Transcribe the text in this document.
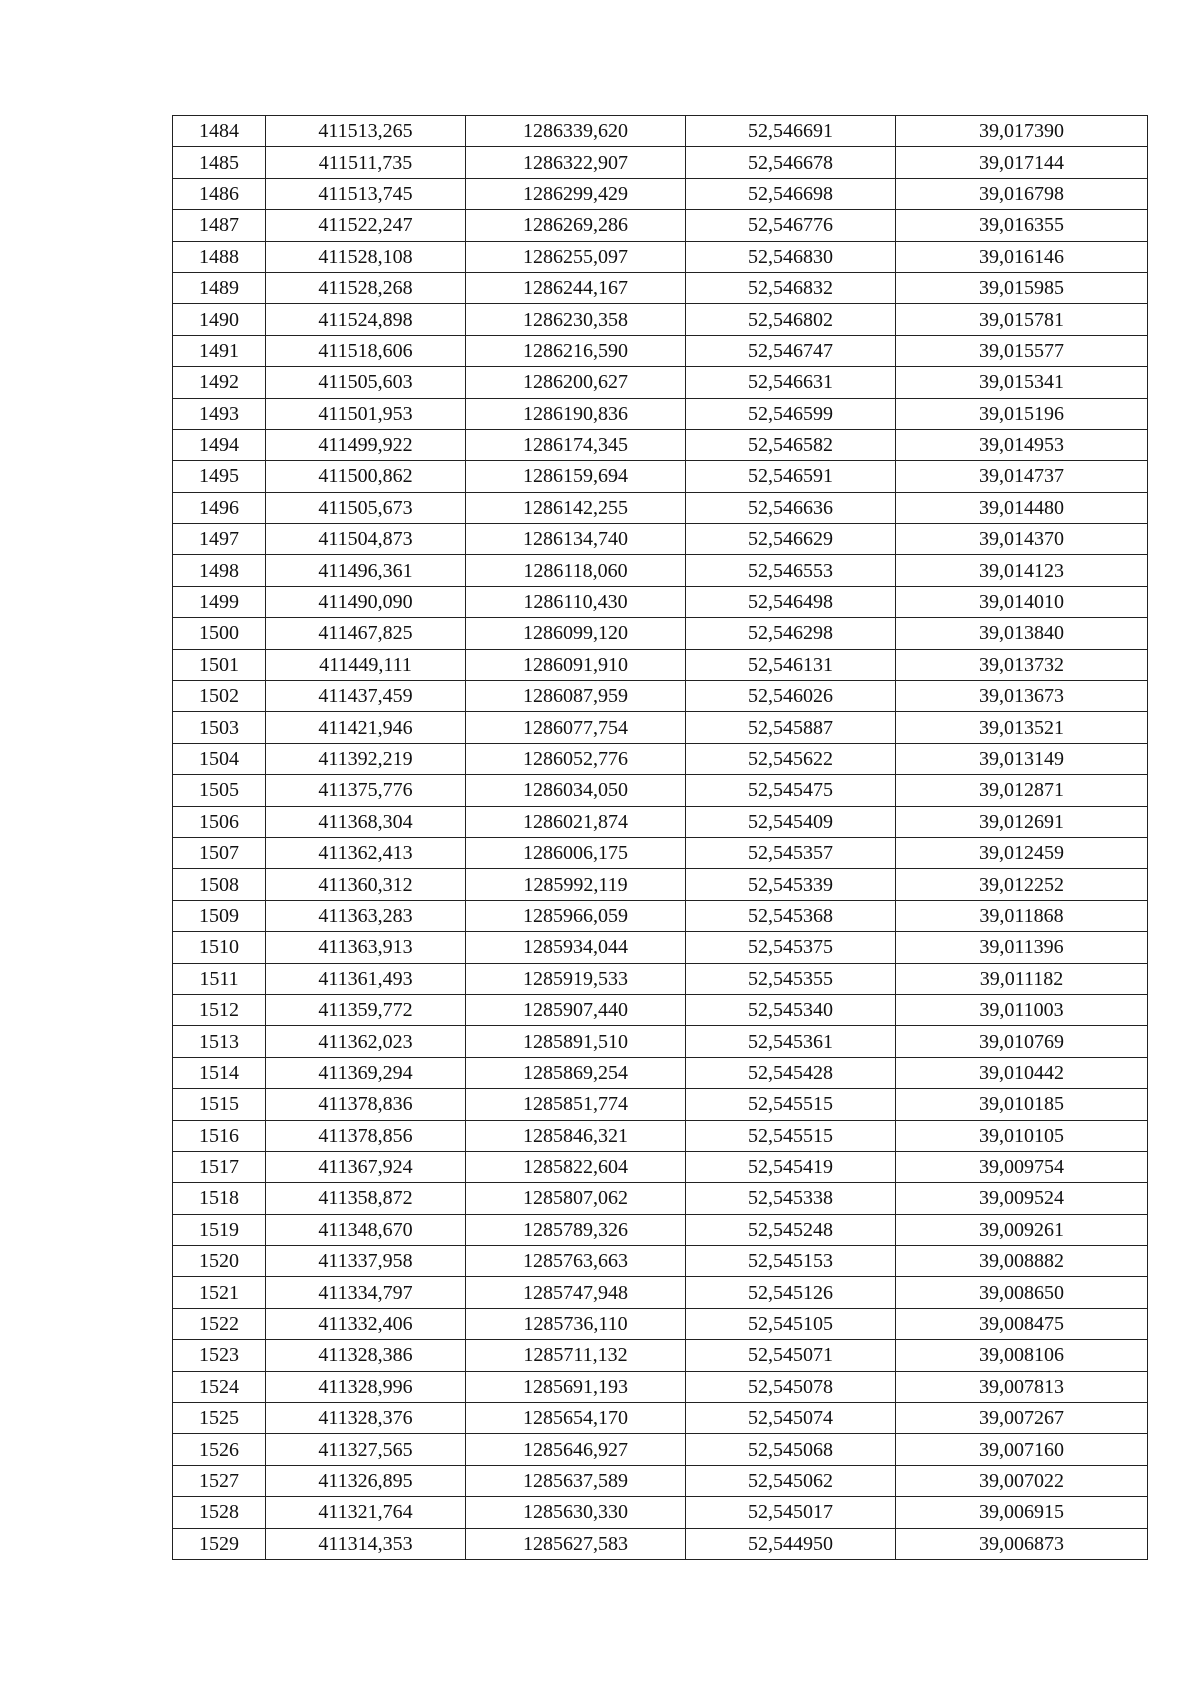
1484	411513,265	1286339,620	52,546691	39,017390
1485	411511,735	1286322,907	52,546678	39,017144
1486	411513,745	1286299,429	52,546698	39,016798
1487	411522,247	1286269,286	52,546776	39,016355
1488	411528,108	1286255,097	52,546830	39,016146
1489	411528,268	1286244,167	52,546832	39,015985
1490	411524,898	1286230,358	52,546802	39,015781
1491	411518,606	1286216,590	52,546747	39,015577
1492	411505,603	1286200,627	52,546631	39,015341
1493	411501,953	1286190,836	52,546599	39,015196
1494	411499,922	1286174,345	52,546582	39,014953
1495	411500,862	1286159,694	52,546591	39,014737
1496	411505,673	1286142,255	52,546636	39,014480
1497	411504,873	1286134,740	52,546629	39,014370
1498	411496,361	1286118,060	52,546553	39,014123
1499	411490,090	1286110,430	52,546498	39,014010
1500	411467,825	1286099,120	52,546298	39,013840
1501	411449,111	1286091,910	52,546131	39,013732
1502	411437,459	1286087,959	52,546026	39,013673
1503	411421,946	1286077,754	52,545887	39,013521
1504	411392,219	1286052,776	52,545622	39,013149
1505	411375,776	1286034,050	52,545475	39,012871
1506	411368,304	1286021,874	52,545409	39,012691
1507	411362,413	1286006,175	52,545357	39,012459
1508	411360,312	1285992,119	52,545339	39,012252
1509	411363,283	1285966,059	52,545368	39,011868
1510	411363,913	1285934,044	52,545375	39,011396
1511	411361,493	1285919,533	52,545355	39,011182
1512	411359,772	1285907,440	52,545340	39,011003
1513	411362,023	1285891,510	52,545361	39,010769
1514	411369,294	1285869,254	52,545428	39,010442
1515	411378,836	1285851,774	52,545515	39,010185
1516	411378,856	1285846,321	52,545515	39,010105
1517	411367,924	1285822,604	52,545419	39,009754
1518	411358,872	1285807,062	52,545338	39,009524
1519	411348,670	1285789,326	52,545248	39,009261
1520	411337,958	1285763,663	52,545153	39,008882
1521	411334,797	1285747,948	52,545126	39,008650
1522	411332,406	1285736,110	52,545105	39,008475
1523	411328,386	1285711,132	52,545071	39,008106
1524	411328,996	1285691,193	52,545078	39,007813
1525	411328,376	1285654,170	52,545074	39,007267
1526	411327,565	1285646,927	52,545068	39,007160
1527	411326,895	1285637,589	52,545062	39,007022
1528	411321,764	1285630,330	52,545017	39,006915
1529	411314,353	1285627,583	52,544950	39,006873
